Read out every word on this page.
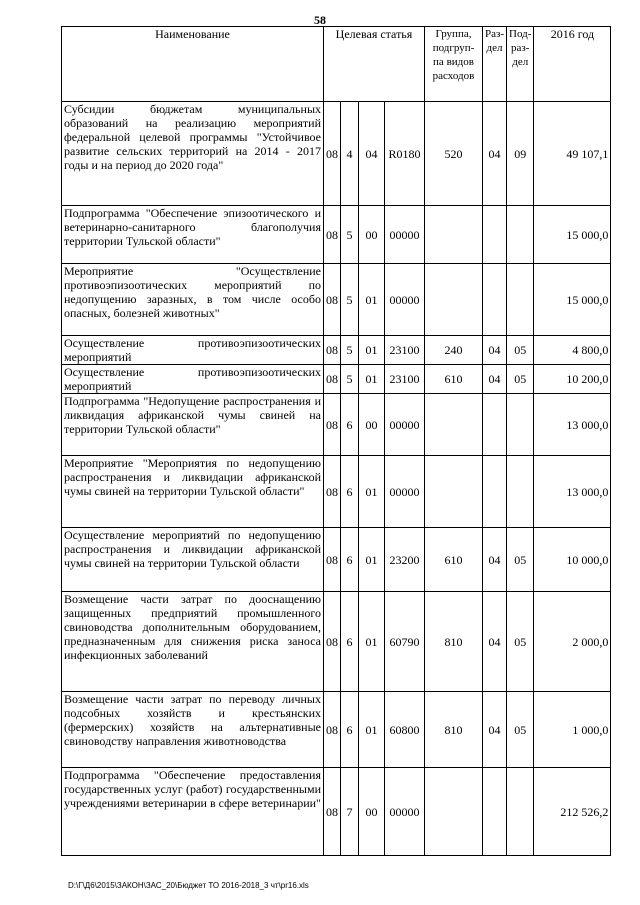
58
Наименование	Целевая статья				Группа, подгруп- па видов расходов	Раз- дел	Под- раз- дел	2016 год

Субсидии бюджетам муниципальных образований на реализацию мероприятий федеральной целевой программы "Устойчивое развитие сельских территорий на 2014 - 2017 годы и на период до 2020 года"	08	4	04	R0180	520	04	09	49 107,1

Подпрограмма "Обеспечение эпизоотического и ветеринарно-санитарного благополучия территории Тульской области"	08	5	00	00000				15 000,0

Мероприятие "Осуществление противоэпизоотических мероприятий по недопущению заразных, в том числе особо опасных, болезней животных"	08	5	01	00000				15 000,0

Осуществление противоэпизоотических мероприятий	08	5	01	23100	240	04	05	4 800,0

Осуществление противоэпизоотических мероприятий	08	5	01	23100	610	04	05	10 200,0

Подпрограмма "Недопущение распространения и ликвидация африканской чумы свиней на территории Тульской области"	08	6	00	00000				13 000,0

Мероприятие "Мероприятия по недопущению распространения и ликвидации африканской чумы свиней на территории Тульской области"	08	6	01	00000				13 000,0

Осуществление мероприятий по недопущению распространения и ликвидации африканской чумы свиней на территории Тульской области	08	6	01	23200	610	04	05	10 000,0

Возмещение части затрат по дооснащению защищенных предприятий промышленного свиноводства дополнительным оборудованием, предназначенным для снижения риска заноса инфекционных заболеваний	08	6	01	60790	810	04	05	2 000,0

Возмещение части затрат по переводу личных подсобных хозяйств и крестьянских (фермерских) хозяйств на альтернативные свиноводству направления животноводства	08	6	01	60800	810	04	05	1 000,0

Подпрограмма "Обеспечение предоставления государственных услуг (работ) государственными учреждениями ветеринарии в сфере ветеринарии"	08	7	00	00000				212 526,2
D:\Г\Д6\2015\ЗАКОН\ЗАС_20\Бюджет ТО 2016-2018_3 чт\pr16.xls
